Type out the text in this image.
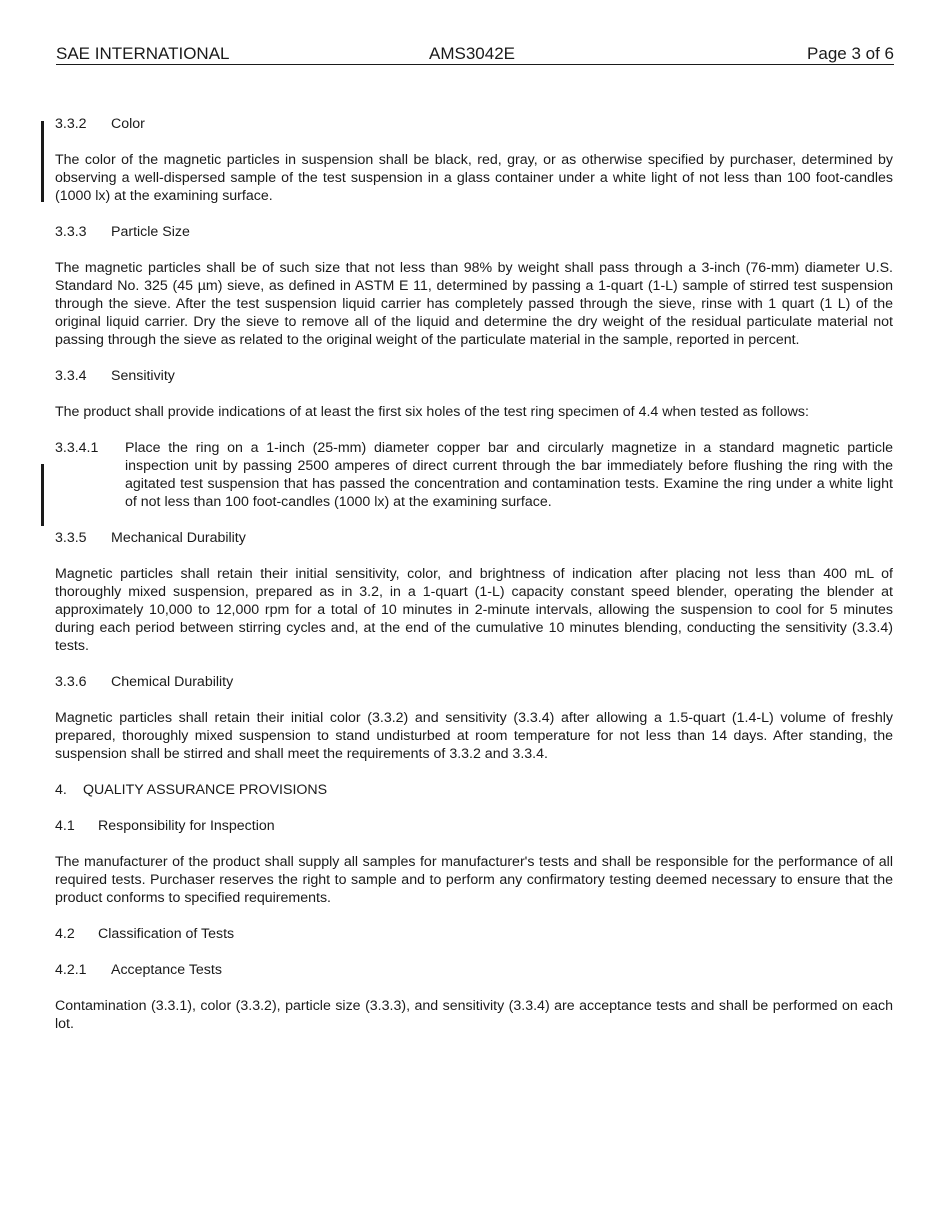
SAE INTERNATIONAL	AMS3042E	Page 3 of 6
3.3.2 Color

The color of the magnetic particles in suspension shall be black, red, gray, or as otherwise specified by purchaser, determined by observing a well-dispersed sample of the test suspension in a glass container under a white light of not less than 100 foot-candles (1000 lx) at the examining surface.

3.3.3 Particle Size

The magnetic particles shall be of such size that not less than 98% by weight shall pass through a 3-inch (76-mm) diameter U.S. Standard No. 325 (45 µm) sieve, as defined in ASTM E 11, determined by passing a 1-quart (1-L) sample of stirred test suspension through the sieve. After the test suspension liquid carrier has completely passed through the sieve, rinse with 1 quart (1 L) of the original liquid carrier. Dry the sieve to remove all of the liquid and determine the dry weight of the residual particulate material not passing through the sieve as related to the original weight of the particulate material in the sample, reported in percent.

3.3.4 Sensitivity

The product shall provide indications of at least the first six holes of the test ring specimen of 4.4 when tested as follows:

3.3.4.1	Place the ring on a 1-inch (25-mm) diameter copper bar and circularly magnetize in a standard magnetic particle inspection unit by passing 2500 amperes of direct current through the bar immediately before flushing the ring with the agitated test suspension that has passed the concentration and contamination tests. Examine the ring under a white light of not less than 100 foot-candles (1000 lx) at the examining surface.
3.3.5 Mechanical Durability

Magnetic particles shall retain their initial sensitivity, color, and brightness of indication after placing not less than 400 mL of thoroughly mixed suspension, prepared as in 3.2, in a 1-quart (1-L) capacity constant speed blender, operating the blender at approximately 10,000 to 12,000 rpm for a total of 10 minutes in 2-minute intervals, allowing the suspension to cool for 5 minutes during each period between stirring cycles and, at the end of the cumulative 10 minutes blending, conducting the sensitivity (3.3.4) tests.

3.3.6 Chemical Durability

Magnetic particles shall retain their initial color (3.3.2) and sensitivity (3.3.4) after allowing a 1.5-quart (1.4-L) volume of freshly prepared, thoroughly mixed suspension to stand undisturbed at room temperature for not less than 14 days. After standing, the suspension shall be stirred and shall meet the requirements of 3.3.2 and 3.3.4.

4. QUALITY ASSURANCE PROVISIONS
4.1 Responsibility for Inspection

The manufacturer of the product shall supply all samples for manufacturer's tests and shall be responsible for the performance of all required tests. Purchaser reserves the right to sample and to perform any confirmatory testing deemed necessary to ensure that the product conforms to specified requirements.

4.2 Classification of Tests
4.2.1 Acceptance Tests

Contamination (3.3.1), color (3.3.2), particle size (3.3.3), and sensitivity (3.3.4) are acceptance tests and shall be performed on each lot.
